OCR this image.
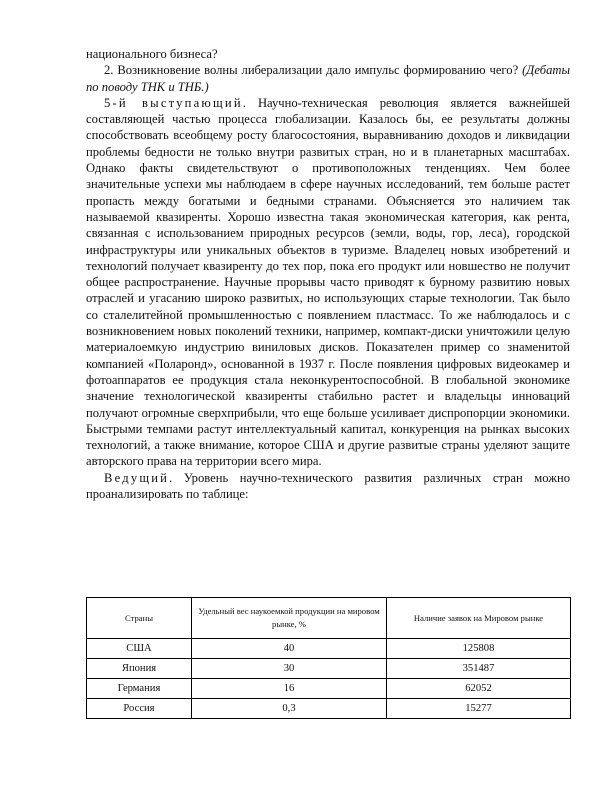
национального бизнеса?

2. Возникновение волны либерализации дало импульс формированию чего? (Дебаты по поводу ТНК и ТНБ.)

5-й выступающий. Научно-техническая революция является важнейшей составляющей частью процесса глобализации. Казалось бы, ее результаты должны способствовать всеобщему росту благосостояния, выравниванию доходов и ликвидации проблемы бедности не только внутри развитых стран, но и в планетарных масштабах. Однако факты свидетельствуют о противоположных тенденциях. Чем более значительные успехи мы наблюдаем в сфере научных исследований, тем больше растет пропасть между богатыми и бедными странами. Объясняется это наличием так называемой квазиренты. Хорошо известна такая экономическая категория, как рента, связанная с использованием природных ресурсов (земли, воды, гор, леса), городской инфраструктуры или уникальных объектов в туризме. Владелец новых изобретений и технологий получает квазиренту до тех пор, пока его продукт или новшество не получит общее распространение. Научные прорывы часто приводят к бурному развитию новых отраслей и угасанию широко развитых, но использующих старые технологии. Так было со сталелитейной промышленностью с появлением пластмасс. То же наблюдалось и с возникновением новых поколений техники, например, компакт-диски уничтожили целую материалоемкую индустрию виниловых дисков. Показателен пример со знаменитой компанией «Поларонд», основанной в 1937 г. После появления цифровых видеокамер и фотоаппаратов ее продукция стала неконкурентоспособной. В глобальной экономике значение технологической квазиренты стабильно растет и владельцы инноваций получают огромные сверхприбыли, что еще больше усиливает диспропорции экономики. Быстрыми темпами растут интеллектуальный капитал, конкуренция на рынках высоких технологий, а также внимание, которое США и другие развитые страны уделяют защите авторского права на территории всего мира.

Ведущий. Уровень научно-технического развития различных стран можно проанализировать по таблице:

Страны	Удельный вес наукоемкой продукции на мировом рынке, %	Наличие заявок на Мировом рынке
США	40	125808
Япония	30	351487
Германия	16	62052
Россия	0,3	15277
